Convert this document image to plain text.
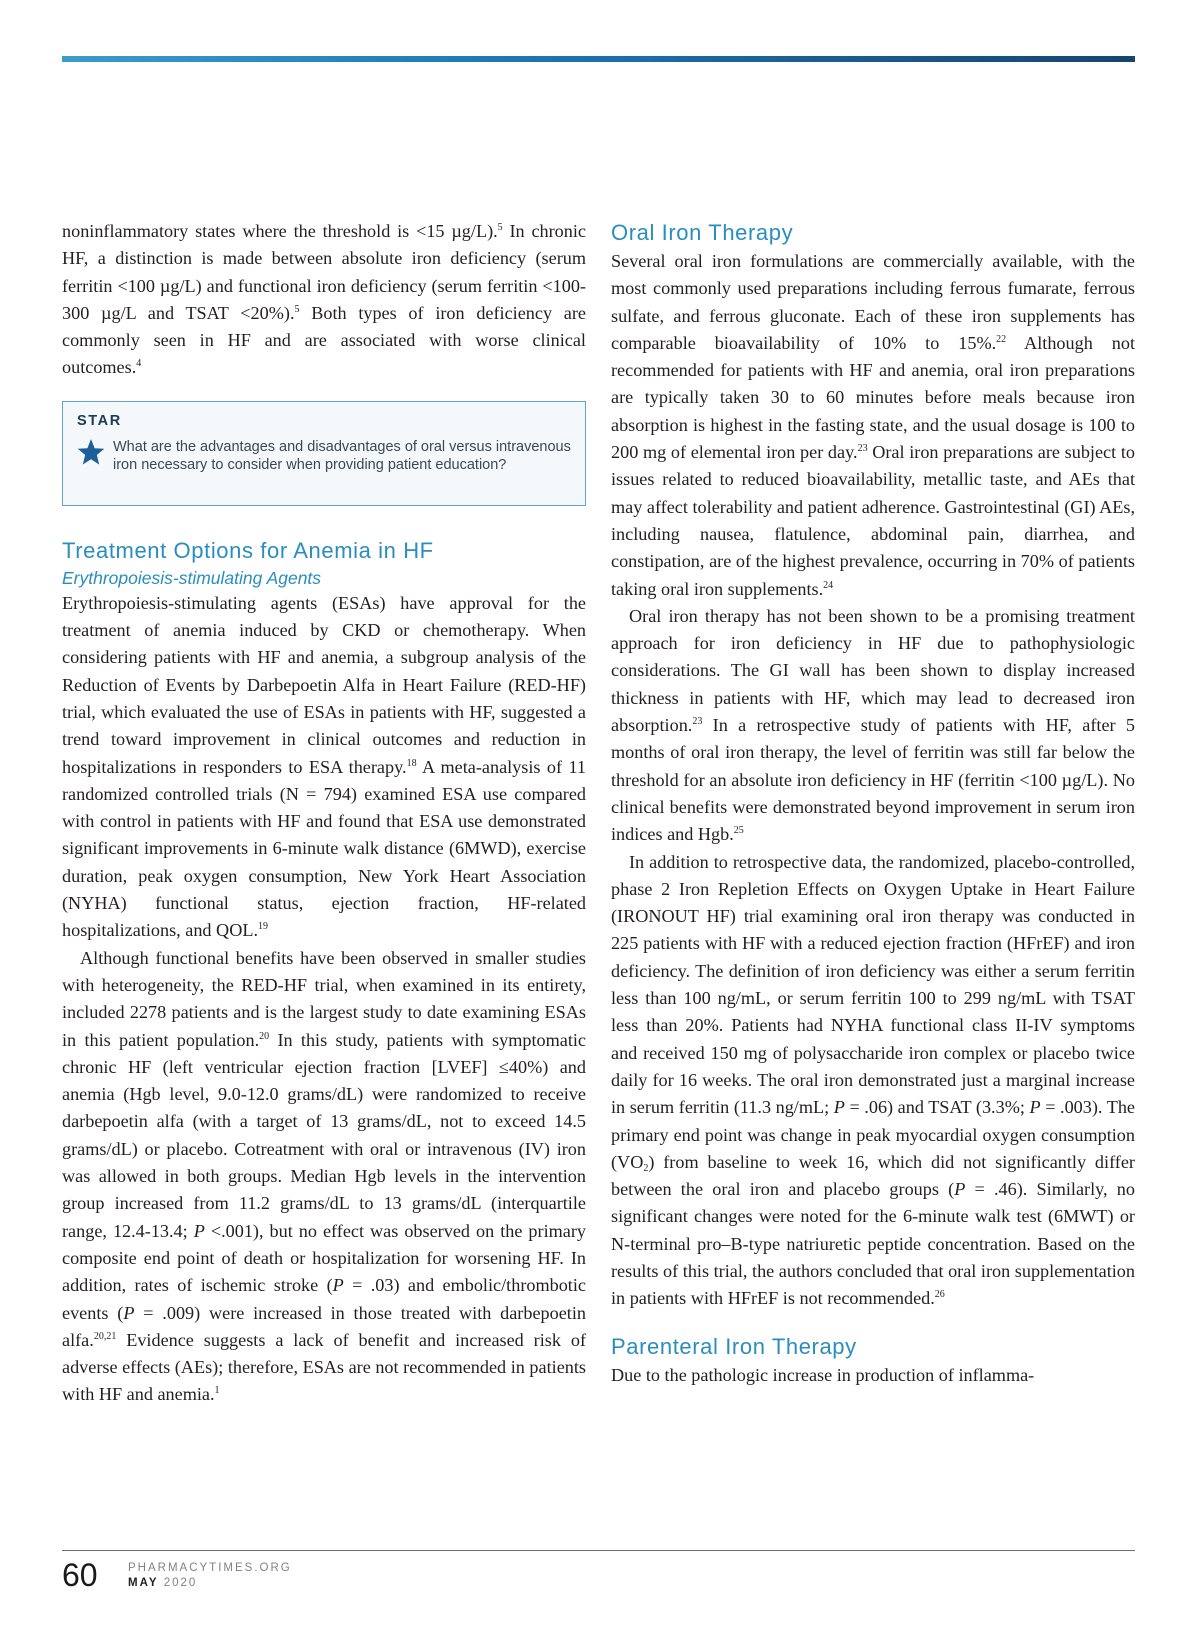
noninflammatory states where the threshold is <15 µg/L).$^5$ In chronic HF, a distinction is made between absolute iron deficiency (serum ferritin <100 µg/L) and functional iron deficiency (serum ferritin <100-300 µg/L and TSAT <20%).$^5$ Both types of iron deficiency are commonly seen in HF and are associated with worse clinical outcomes.$^4$

STAR
What are the advantages and disadvantages of oral versus intravenous iron necessary to consider when providing patient education?
Treatment Options for Anemia in HF
Erythropoiesis-stimulating Agents

Erythropoiesis-stimulating agents (ESAs) have approval for the treatment of anemia induced by CKD or chemotherapy. When considering patients with HF and anemia, a subgroup analysis of the Reduction of Events by Darbepoetin Alfa in Heart Failure (RED-HF) trial, which evaluated the use of ESAs in patients with HF, suggested a trend toward improvement in clinical outcomes and reduction in hospitalizations in responders to ESA therapy.$^{18}$ A meta-analysis of 11 randomized controlled trials (N = 794) examined ESA use compared with control in patients with HF and found that ESA use demonstrated significant improvements in 6-minute walk distance (6MWD), exercise duration, peak oxygen consumption, New York Heart Association (NYHA) functional status, ejection fraction, HF-related hospitalizations, and QOL.$^{19}$

Although functional benefits have been observed in smaller studies with heterogeneity, the RED-HF trial, when examined in its entirety, included 2278 patients and is the largest study to date examining ESAs in this patient population.$^{20}$ In this study, patients with symptomatic chronic HF (left ventricular ejection fraction [LVEF] ≤40%) and anemia (Hgb level, 9.0-12.0 grams/dL) were randomized to receive darbepoetin alfa (with a target of 13 grams/dL, not to exceed 14.5 grams/dL) or placebo. Cotreatment with oral or intravenous (IV) iron was allowed in both groups. Median Hgb levels in the intervention group increased from 11.2 grams/dL to 13 grams/dL (interquartile range, 12.4-13.4; P <.001), but no effect was observed on the primary composite end point of death or hospitalization for worsening HF. In addition, rates of ischemic stroke (P = .03) and embolic/thrombotic events (P = .009) were increased in those treated with darbepoetin alfa.$^{20,21}$ Evidence suggests a lack of benefit and increased risk of adverse effects (AEs); therefore, ESAs are not recommended in patients with HF and anemia.$^1$

Oral Iron Therapy

Several oral iron formulations are commercially available, with the most commonly used preparations including ferrous fumarate, ferrous sulfate, and ferrous gluconate. Each of these iron supplements has comparable bioavailability of 10% to 15%.$^{22}$ Although not recommended for patients with HF and anemia, oral iron preparations are typically taken 30 to 60 minutes before meals because iron absorption is highest in the fasting state, and the usual dosage is 100 to 200 mg of elemental iron per day.$^{23}$ Oral iron preparations are subject to issues related to reduced bioavailability, metallic taste, and AEs that may affect tolerability and patient adherence. Gastrointestinal (GI) AEs, including nausea, flatulence, abdominal pain, diarrhea, and constipation, are of the highest prevalence, occurring in 70% of patients taking oral iron supplements.$^{24}$

Oral iron therapy has not been shown to be a promising treatment approach for iron deficiency in HF due to pathophysiologic considerations. The GI wall has been shown to display increased thickness in patients with HF, which may lead to decreased iron absorption.$^{23}$ In a retrospective study of patients with HF, after 5 months of oral iron therapy, the level of ferritin was still far below the threshold for an absolute iron deficiency in HF (ferritin <100 µg/L). No clinical benefits were demonstrated beyond improvement in serum iron indices and Hgb.$^{25}$

In addition to retrospective data, the randomized, placebo-controlled, phase 2 Iron Repletion Effects on Oxygen Uptake in Heart Failure (IRONOUT HF) trial examining oral iron therapy was conducted in 225 patients with HF with a reduced ejection fraction (HFrEF) and iron deficiency. The definition of iron deficiency was either a serum ferritin less than 100 ng/mL, or serum ferritin 100 to 299 ng/mL with TSAT less than 20%. Patients had NYHA functional class II-IV symptoms and received 150 mg of polysaccharide iron complex or placebo twice daily for 16 weeks. The oral iron demonstrated just a marginal increase in serum ferritin (11.3 ng/mL; P = .06) and TSAT (3.3%; P = .003). The primary end point was change in peak myocardial oxygen consumption $(VO_2)$ from baseline to week 16, which did not significantly differ between the oral iron and placebo groups (P = .46). Similarly, no significant changes were noted for the 6-minute walk test (6MWT) or N-terminal pro–B-type natriuretic peptide concentration. Based on the results of this trial, the authors concluded that oral iron supplementation in patients with HFrEF is not recommended.$^{26}$

Parenteral Iron Therapy

Due to the pathologic increase in production of inflamma-

60	PHARMACYTIMES.ORG
MAY 2020
